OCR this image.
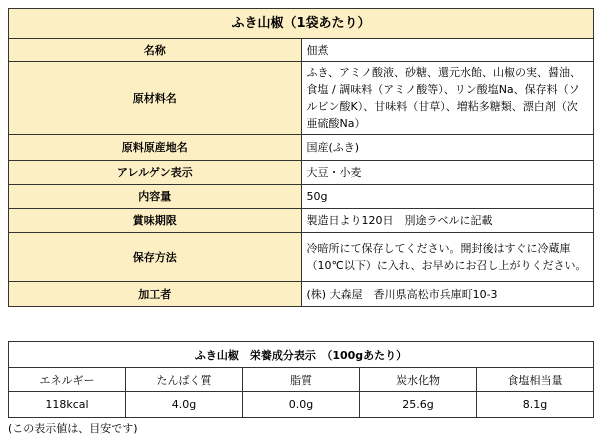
ふき山椒（1袋あたり）	
名称	佃煮
原材料名	ふき、アミノ酸液、砂糖、還元水飴、山椒の実、醤油、食塩 / 調味料（アミノ酸等）、リン酸塩Na、保存料（ソルビン酸K）、甘味料（甘草）、増粘多糖類、漂白剤（次亜硫酸Na）
原料原産地名	国産(ふき)
アレルゲン表示	大豆・小麦
内容量	50g
賞味期限	製造日より120日　別途ラベルに記載
保存方法	冷暗所にて保存してください。開封後はすぐに冷蔵庫（10℃以下）に入れ、お早めにお召し上がりください。
加工者	(株) 大森屋　香川県高松市兵庫町10-3
ふき山椒　栄養成分表示　（100gあたり）				
エネルギー	たんぱく質	脂質	炭水化物	食塩相当量
118kcal	4.0g	0.0g	25.6g	8.1g
(この表示値は、目安です)
